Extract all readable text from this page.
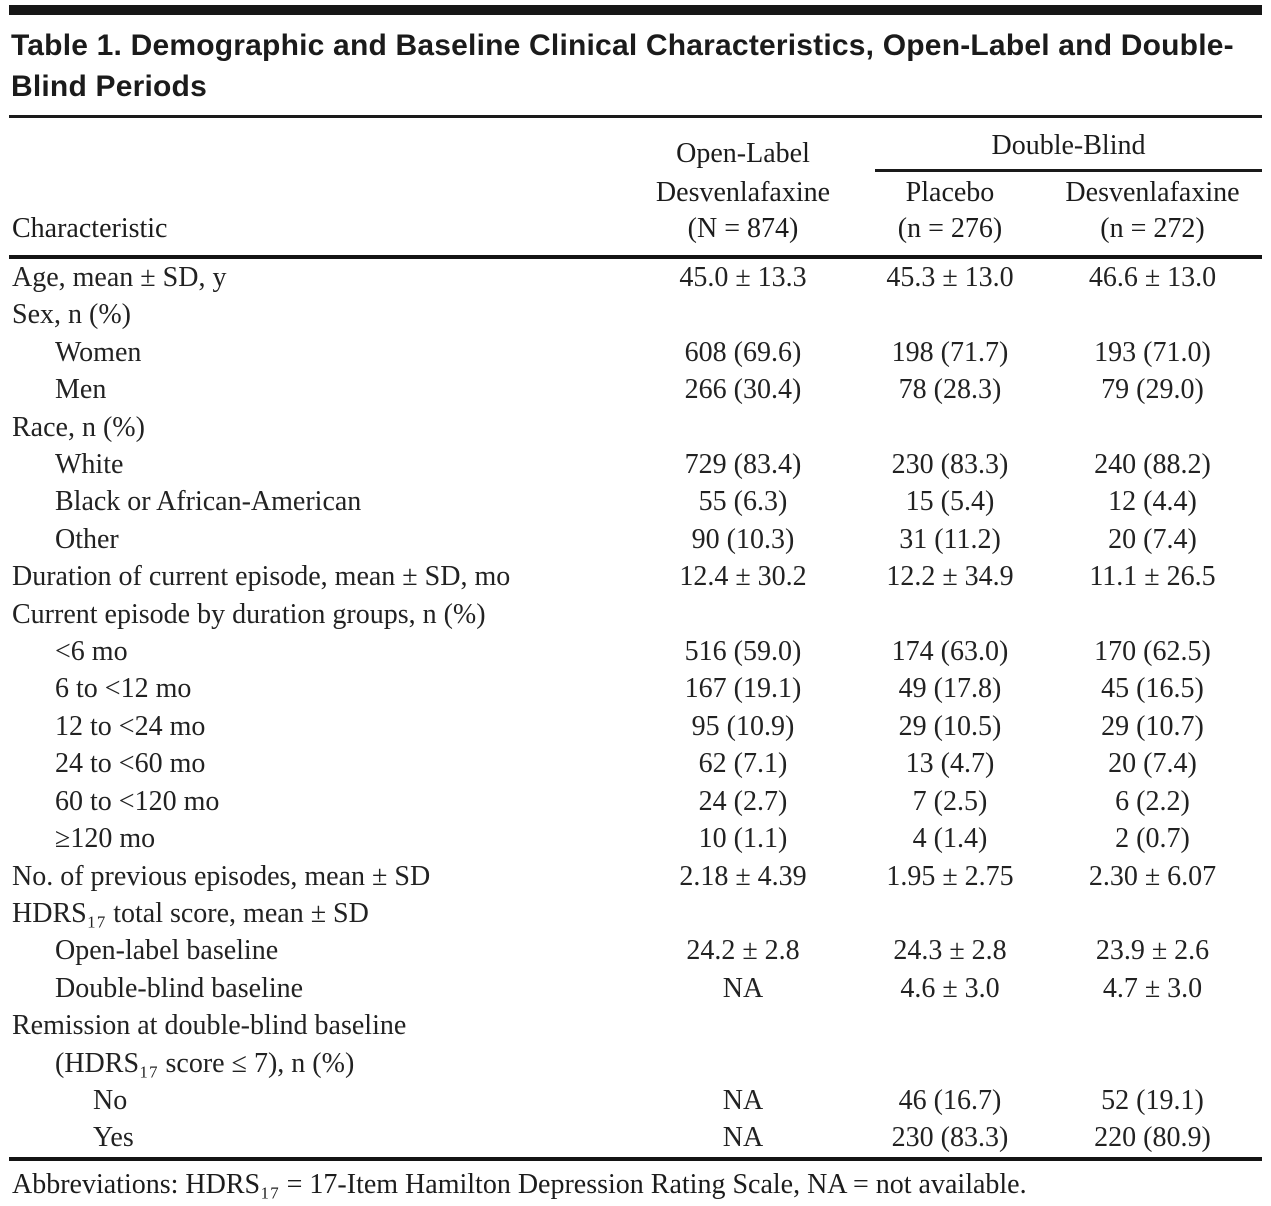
Table 1. Demographic and Baseline Clinical Characteristics, Open-Label and Double-Blind Periods
	Open-Label	Double-Blind	

	Desvenlafaxine	Placebo	Desvenlafaxine
Characteristic	(N = 874)	(n = 276)	(n = 272)
Age, mean ± SD, y	45.0 ± 13.3	45.3 ± 13.0	46.6 ± 13.0
Sex, n (%)			
Women	608 (69.6)	198 (71.7)	193 (71.0)
Men	266 (30.4)	78 (28.3)	79 (29.0)
Race, n (%)			
White	729 (83.4)	230 (83.3)	240 (88.2)
Black or African-American	55 (6.3)	15 (5.4)	12 (4.4)
Other	90 (10.3)	31 (11.2)	20 (7.4)
Duration of current episode, mean ± SD, mo	12.4 ± 30.2	12.2 ± 34.9	11.1 ± 26.5
Current episode by duration groups, n (%)			
<6 mo	516 (59.0)	174 (63.0)	170 (62.5)
6 to <12 mo	167 (19.1)	49 (17.8)	45 (16.5)
12 to <24 mo	95 (10.9)	29 (10.5)	29 (10.7)
24 to <60 mo	62 (7.1)	13 (4.7)	20 (7.4)
60 to <120 mo	24 (2.7)	7 (2.5)	6 (2.2)
≥120 mo	10 (1.1)	4 (1.4)	2 (0.7)
No. of previous episodes, mean ± SD	2.18 ± 4.39	1.95 ± 2.75	2.30 ± 6.07
HDRS₁₇ total score, mean ± SD			
Open-label baseline	24.2 ± 2.8	24.3 ± 2.8	23.9 ± 2.6
Double-blind baseline	NA	4.6 ± 3.0	4.7 ± 3.0
Remission at double-blind baseline			
(HDRS₁₇ score ≤ 7), n (%)			
No	NA	46 (16.7)	52 (19.1)
Yes	NA	230 (83.3)	220 (80.9)
Abbreviations: HDRS₁₇ = 17-Item Hamilton Depression Rating Scale, NA = not available.
